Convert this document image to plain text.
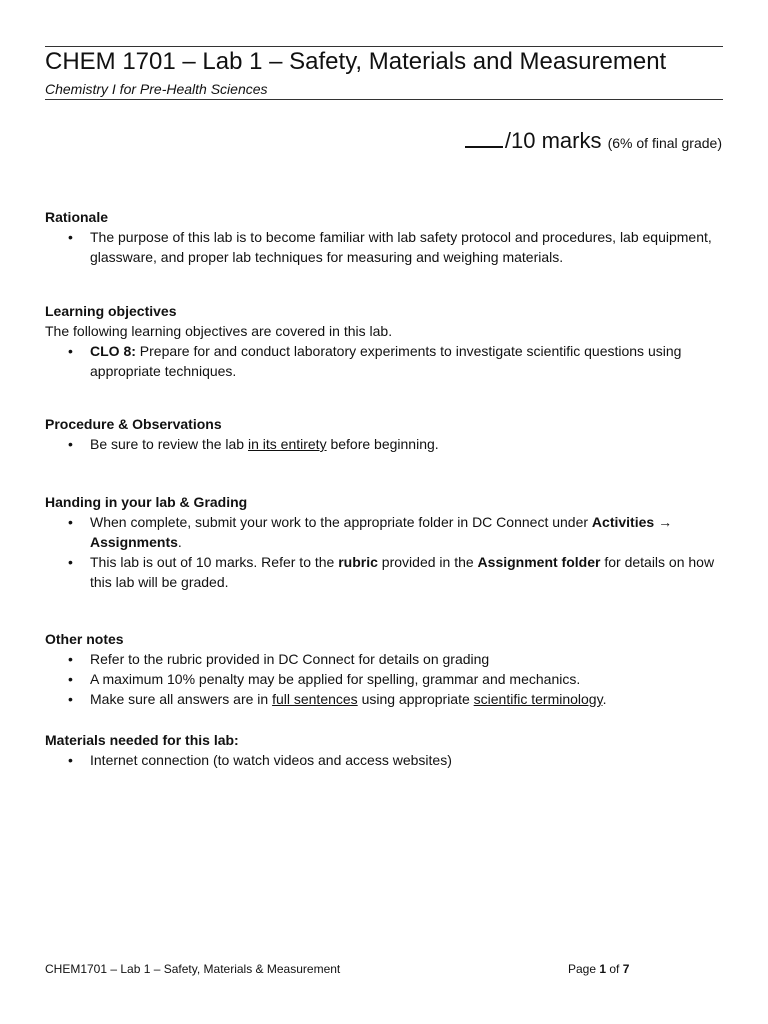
CHEM 1701 – Lab 1 – Safety, Materials and Measurement
Chemistry I for Pre-Health Sciences
/10 marks (6% of final grade)
Rationale
• The purpose of this lab is to become familiar with lab safety protocol and procedures, lab equipment, glassware, and proper lab techniques for measuring and weighing materials.
Learning objectives
The following learning objectives are covered in this lab.
• CLO 8: Prepare for and conduct laboratory experiments to investigate scientific questions using appropriate techniques.
Procedure & Observations
• Be sure to review the lab in its entirety before beginning.
Handing in your lab & Grading
• When complete, submit your work to the appropriate folder in DC Connect under Activities → Assignments.
• This lab is out of 10 marks. Refer to the rubric provided in the Assignment folder for details on how this lab will be graded.
Other notes
• Refer to the rubric provided in DC Connect for details on grading
• A maximum 10% penalty may be applied for spelling, grammar and mechanics.
• Make sure all answers are in full sentences using appropriate scientific terminology.
Materials needed for this lab:
• Internet connection (to watch videos and access websites)
CHEM1701 – Lab 1 – Safety, Materials & Measurement	Page 1 of 7
